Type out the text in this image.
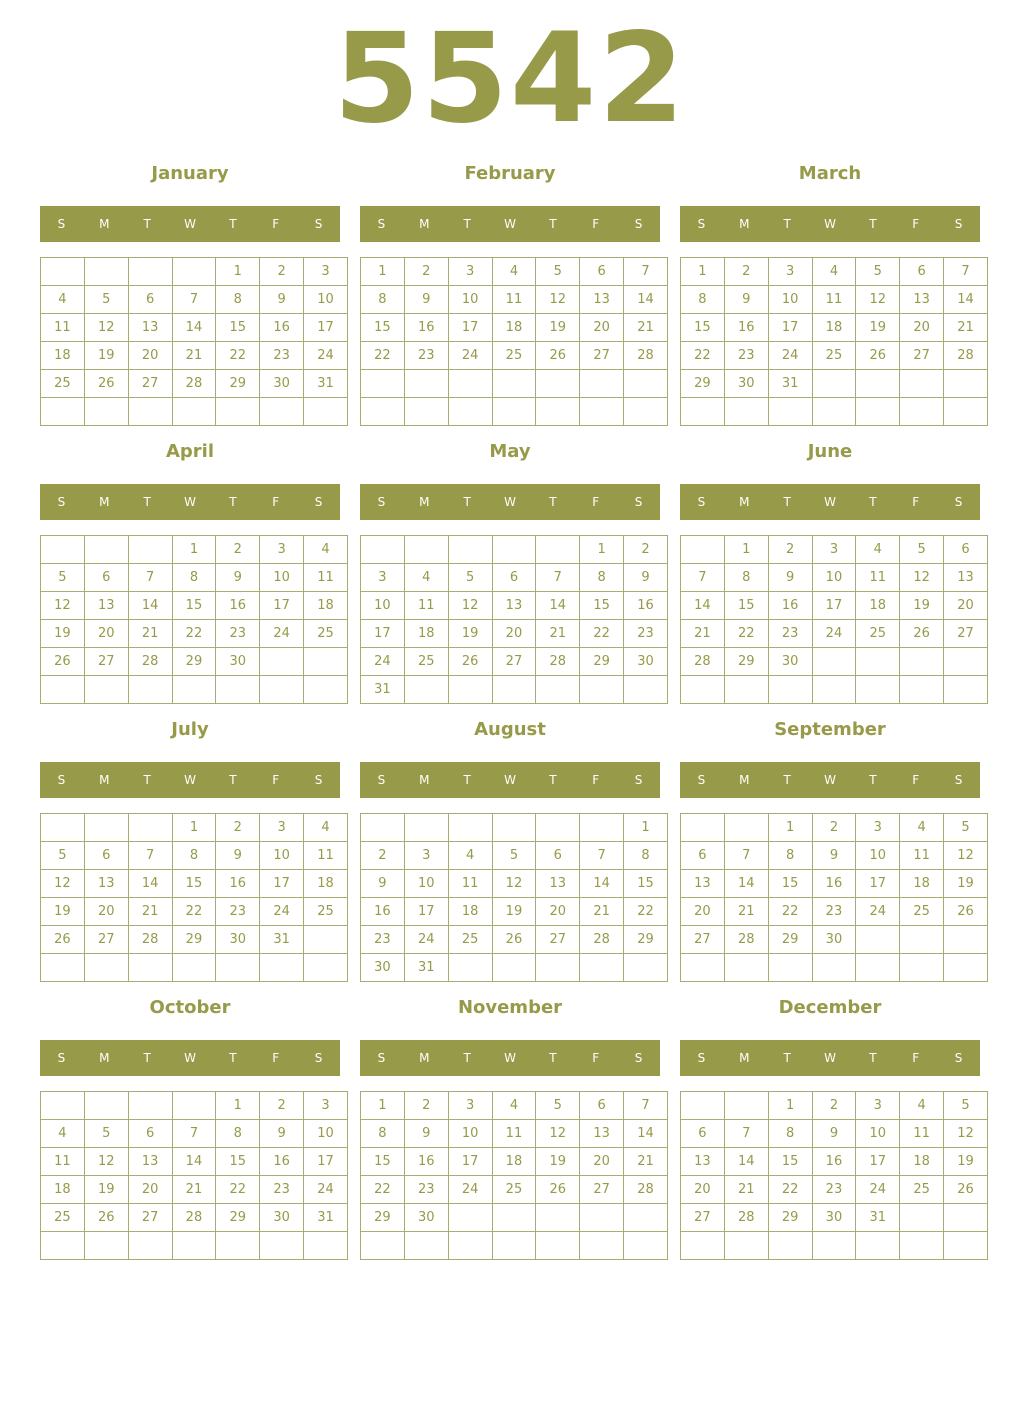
5542
January
S	M	T	W	T	F	S
				1	2	3
4	5	6	7	8	9	10
11	12	13	14	15	16	17
18	19	20	21	22	23	24
25	26	27	28	29	30	31

February
S	M	T	W	T	F	S
1	2	3	4	5	6	7
8	9	10	11	12	13	14
15	16	17	18	19	20	21
22	23	24	25	26	27	28

March
S	M	T	W	T	F	S
1	2	3	4	5	6	7
8	9	10	11	12	13	14
15	16	17	18	19	20	21
22	23	24	25	26	27	28
29	30	31				

April
S	M	T	W	T	F	S
			1	2	3	4
5	6	7	8	9	10	11
12	13	14	15	16	17	18
19	20	21	22	23	24	25
26	27	28	29	30		

May
S	M	T	W	T	F	S
					1	2
3	4	5	6	7	8	9
10	11	12	13	14	15	16
17	18	19	20	21	22	23
24	25	26	27	28	29	30
31						
June
S	M	T	W	T	F	S
	1	2	3	4	5	6
7	8	9	10	11	12	13
14	15	16	17	18	19	20
21	22	23	24	25	26	27
28	29	30				

July
S	M	T	W	T	F	S
			1	2	3	4
5	6	7	8	9	10	11
12	13	14	15	16	17	18
19	20	21	22	23	24	25
26	27	28	29	30	31	

August
S	M	T	W	T	F	S
						1
2	3	4	5	6	7	8
9	10	11	12	13	14	15
16	17	18	19	20	21	22
23	24	25	26	27	28	29
30	31					
September
S	M	T	W	T	F	S
		1	2	3	4	5
6	7	8	9	10	11	12
13	14	15	16	17	18	19
20	21	22	23	24	25	26
27	28	29	30			

October
S	M	T	W	T	F	S
				1	2	3
4	5	6	7	8	9	10
11	12	13	14	15	16	17
18	19	20	21	22	23	24
25	26	27	28	29	30	31

November
S	M	T	W	T	F	S
1	2	3	4	5	6	7
8	9	10	11	12	13	14
15	16	17	18	19	20	21
22	23	24	25	26	27	28
29	30					

December
S	M	T	W	T	F	S
		1	2	3	4	5
6	7	8	9	10	11	12
13	14	15	16	17	18	19
20	21	22	23	24	25	26
27	28	29	30	31		
